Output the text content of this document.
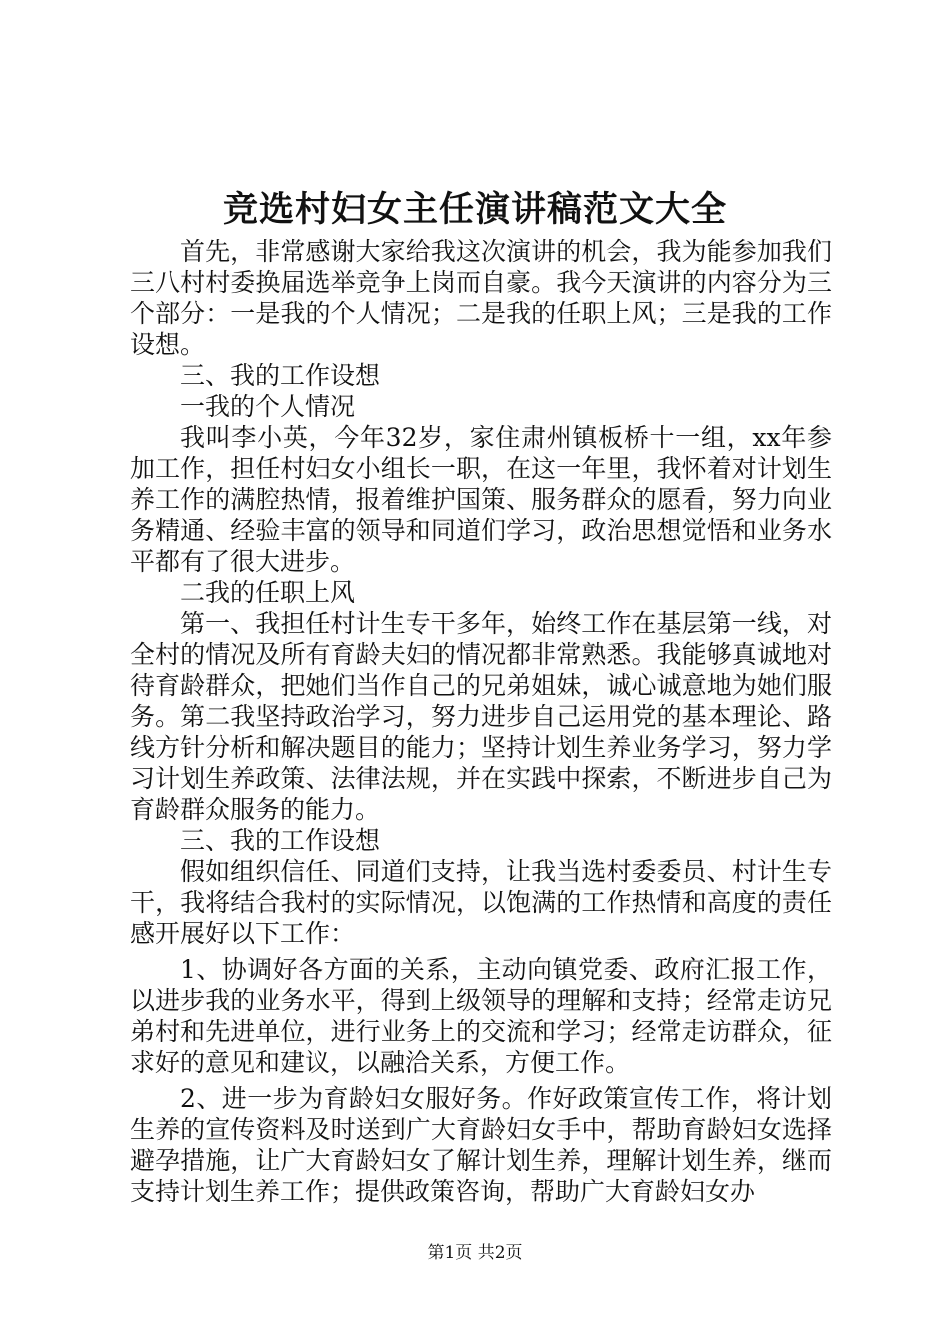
竞选村妇女主任演讲稿范文大全

首先，非常感谢大家给我这次演讲的机会，我为能参加我们三八村村委换届选举竞争上岗而自豪。我今天演讲的内容分为三个部分：一是我的个人情况；二是我的任职上风；三是我的工作设想。

三、我的工作设想

一我的个人情况

我叫李小英，今年32岁，家住肃州镇板桥十一组，xx年参加工作，担任村妇女小组长一职，在这一年里，我怀着对计划生养工作的满腔热情，报着维护国策、服务群众的愿看，努力向业务精通、经验丰富的领导和同道们学习，政治思想觉悟和业务水平都有了很大进步。

二我的任职上风

第一、我担任村计生专干多年，始终工作在基层第一线，对全村的情况及所有育龄夫妇的情况都非常熟悉。我能够真诚地对待育龄群众，把她们当作自己的兄弟姐妹，诚心诚意地为她们服务。第二我坚持政治学习，努力进步自己运用党的基本理论、路线方针分析和解决题目的能力；坚持计划生养业务学习，努力学习计划生养政策、法律法规，并在实践中探索，不断进步自己为育龄群众服务的能力。

三、我的工作设想

假如组织信任、同道们支持，让我当选村委委员、村计生专干，我将结合我村的实际情况，以饱满的工作热情和高度的责任感开展好以下工作：

1、协调好各方面的关系，主动向镇党委、政府汇报工作，以进步我的业务水平，得到上级领导的理解和支持；经常走访兄弟村和先进单位，进行业务上的交流和学习；经常走访群众，征求好的意见和建议，以融洽关系，方便工作。

2、进一步为育龄妇女服好务。作好政策宣传工作，将计划生养的宣传资料及时送到广大育龄妇女手中，帮助育龄妇女选择避孕措施，让广大育龄妇女了解计划生养，理解计划生养，继而支持计划生养工作；提供政策咨询，帮助广大育龄妇女办

第1页 共2页
